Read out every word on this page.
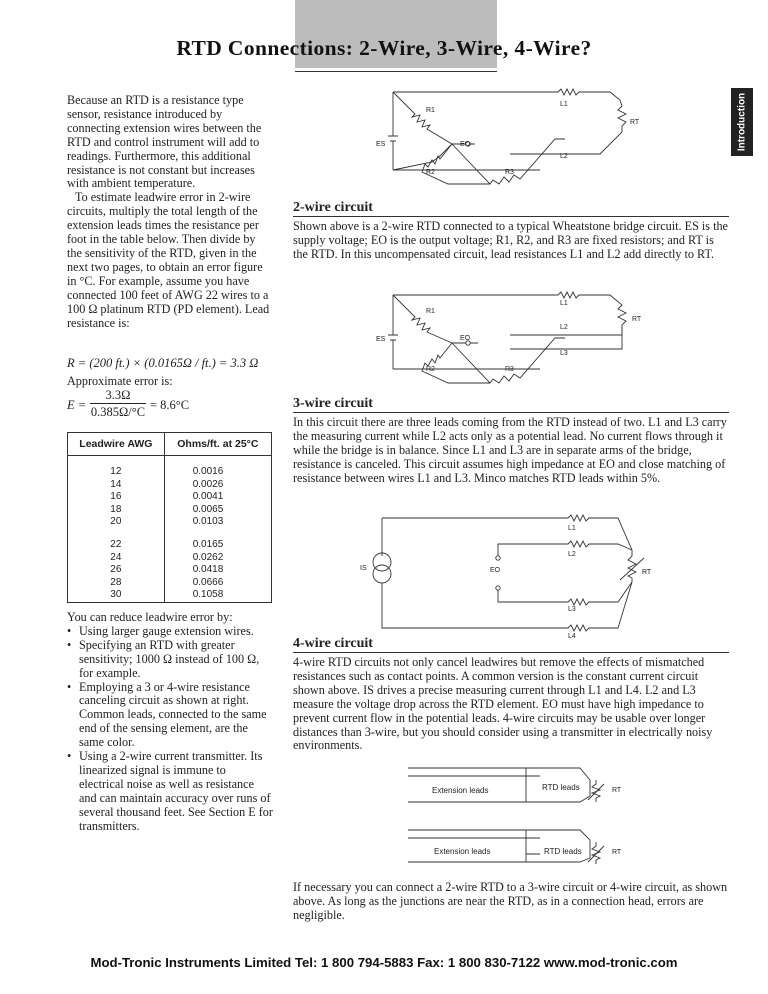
RTD Connections: 2-Wire, 3-Wire, 4-Wire?
Introduction
Because an RTD is a resistance type sensor, resistance introduced by connecting extension wires between the RTD and control instrument will add to readings. Furthermore, this additional resistance is not constant but increases with ambient temperature.
To estimate leadwire error in 2-wire circuits, multiply the total length of the extension leads times the resistance per foot in the table below. Then divide by the sensitivity of the RTD, given in the next two pages, to obtain an error figure in °C. For example, assume you have connected 100 feet of AWG 22 wires to a 100 Ω platinum RTD (PD element). Lead resistance is:
R = (200 ft.) × (0.0165Ω / ft.) = 3.3 Ω
Approximate error is:
E =
3.3Ω
0.385Ω/°C = 8.6°C
Leadwire AWG	Ohms/ft. at 25°C

12	0.0016
14	0.0026
16	0.0041
18	0.0065
20	0.0103

22	0.0165
24	0.0262
26	0.0418
28	0.0666
30	0.1058
You can reduce leadwire error by:
• Using larger gauge extension wires.
• Specifying an RTD with greater sensitivity; 1000 Ω instead of 100 Ω, for example.
• Employing a 3 or 4-wire resistance canceling circuit as shown at right. Common leads, connected to the same end of the sensing element, are the same color.
• Using a 2-wire current transmitter. Its linearized signal is immune to electrical noise as well as resistance and can maintain accuracy over runs of several thousand feet. See Section E for transmitters.
ES	EO
R1
R2	R3
RT
L1
L2
2-wire circuit
Shown above is a 2-wire RTD connected to a typical Wheatstone bridge circuit. ES is the supply voltage; EO is the output voltage; R1, R2, and R3 are fixed resistors; and RT is the RTD. In this uncompensated circuit, lead resistances L1 and L2 add directly to RT.
ES	EO
R1
R2	R3
RT
L1
L2
L3
3-wire circuit
In this circuit there are three leads coming from the RTD instead of two. L1 and L3 carry the measuring current while L2 acts only as a potential lead. No current flows through it while the bridge is in balance. Since L1 and L3 are in separate arms of the bridge, resistance is canceled. This circuit assumes high impedance at EO and close matching of resistance between wires L1 and L3. Minco matches RTD leads within 5%.
IS	EO	RT
L1
L2
L3
L4
4-wire circuit
4-wire RTD circuits not only cancel leadwires but remove the effects of mismatched resistances such as contact points. A common version is the constant current circuit shown above. IS drives a precise measuring current through L1 and L4. L2 and L3 measure the voltage drop across the RTD element. EO must have high impedance to prevent current flow in the potential leads. 4-wire circuits may be usable over longer distances than 3-wire, but you should consider using a transmitter in electrically noisy environments.
Extension leads	RTD leads	RT
Extension leads	RTD leads	RT
If necessary you can connect a 2-wire RTD to a 3-wire circuit or 4-wire circuit, as shown above. As long as the junctions are near the RTD, as in a connection head, errors are negligible.
Mod-Tronic Instruments Limited Tel: 1 800 794-5883 Fax: 1 800 830-7122 www.mod-tronic.com
